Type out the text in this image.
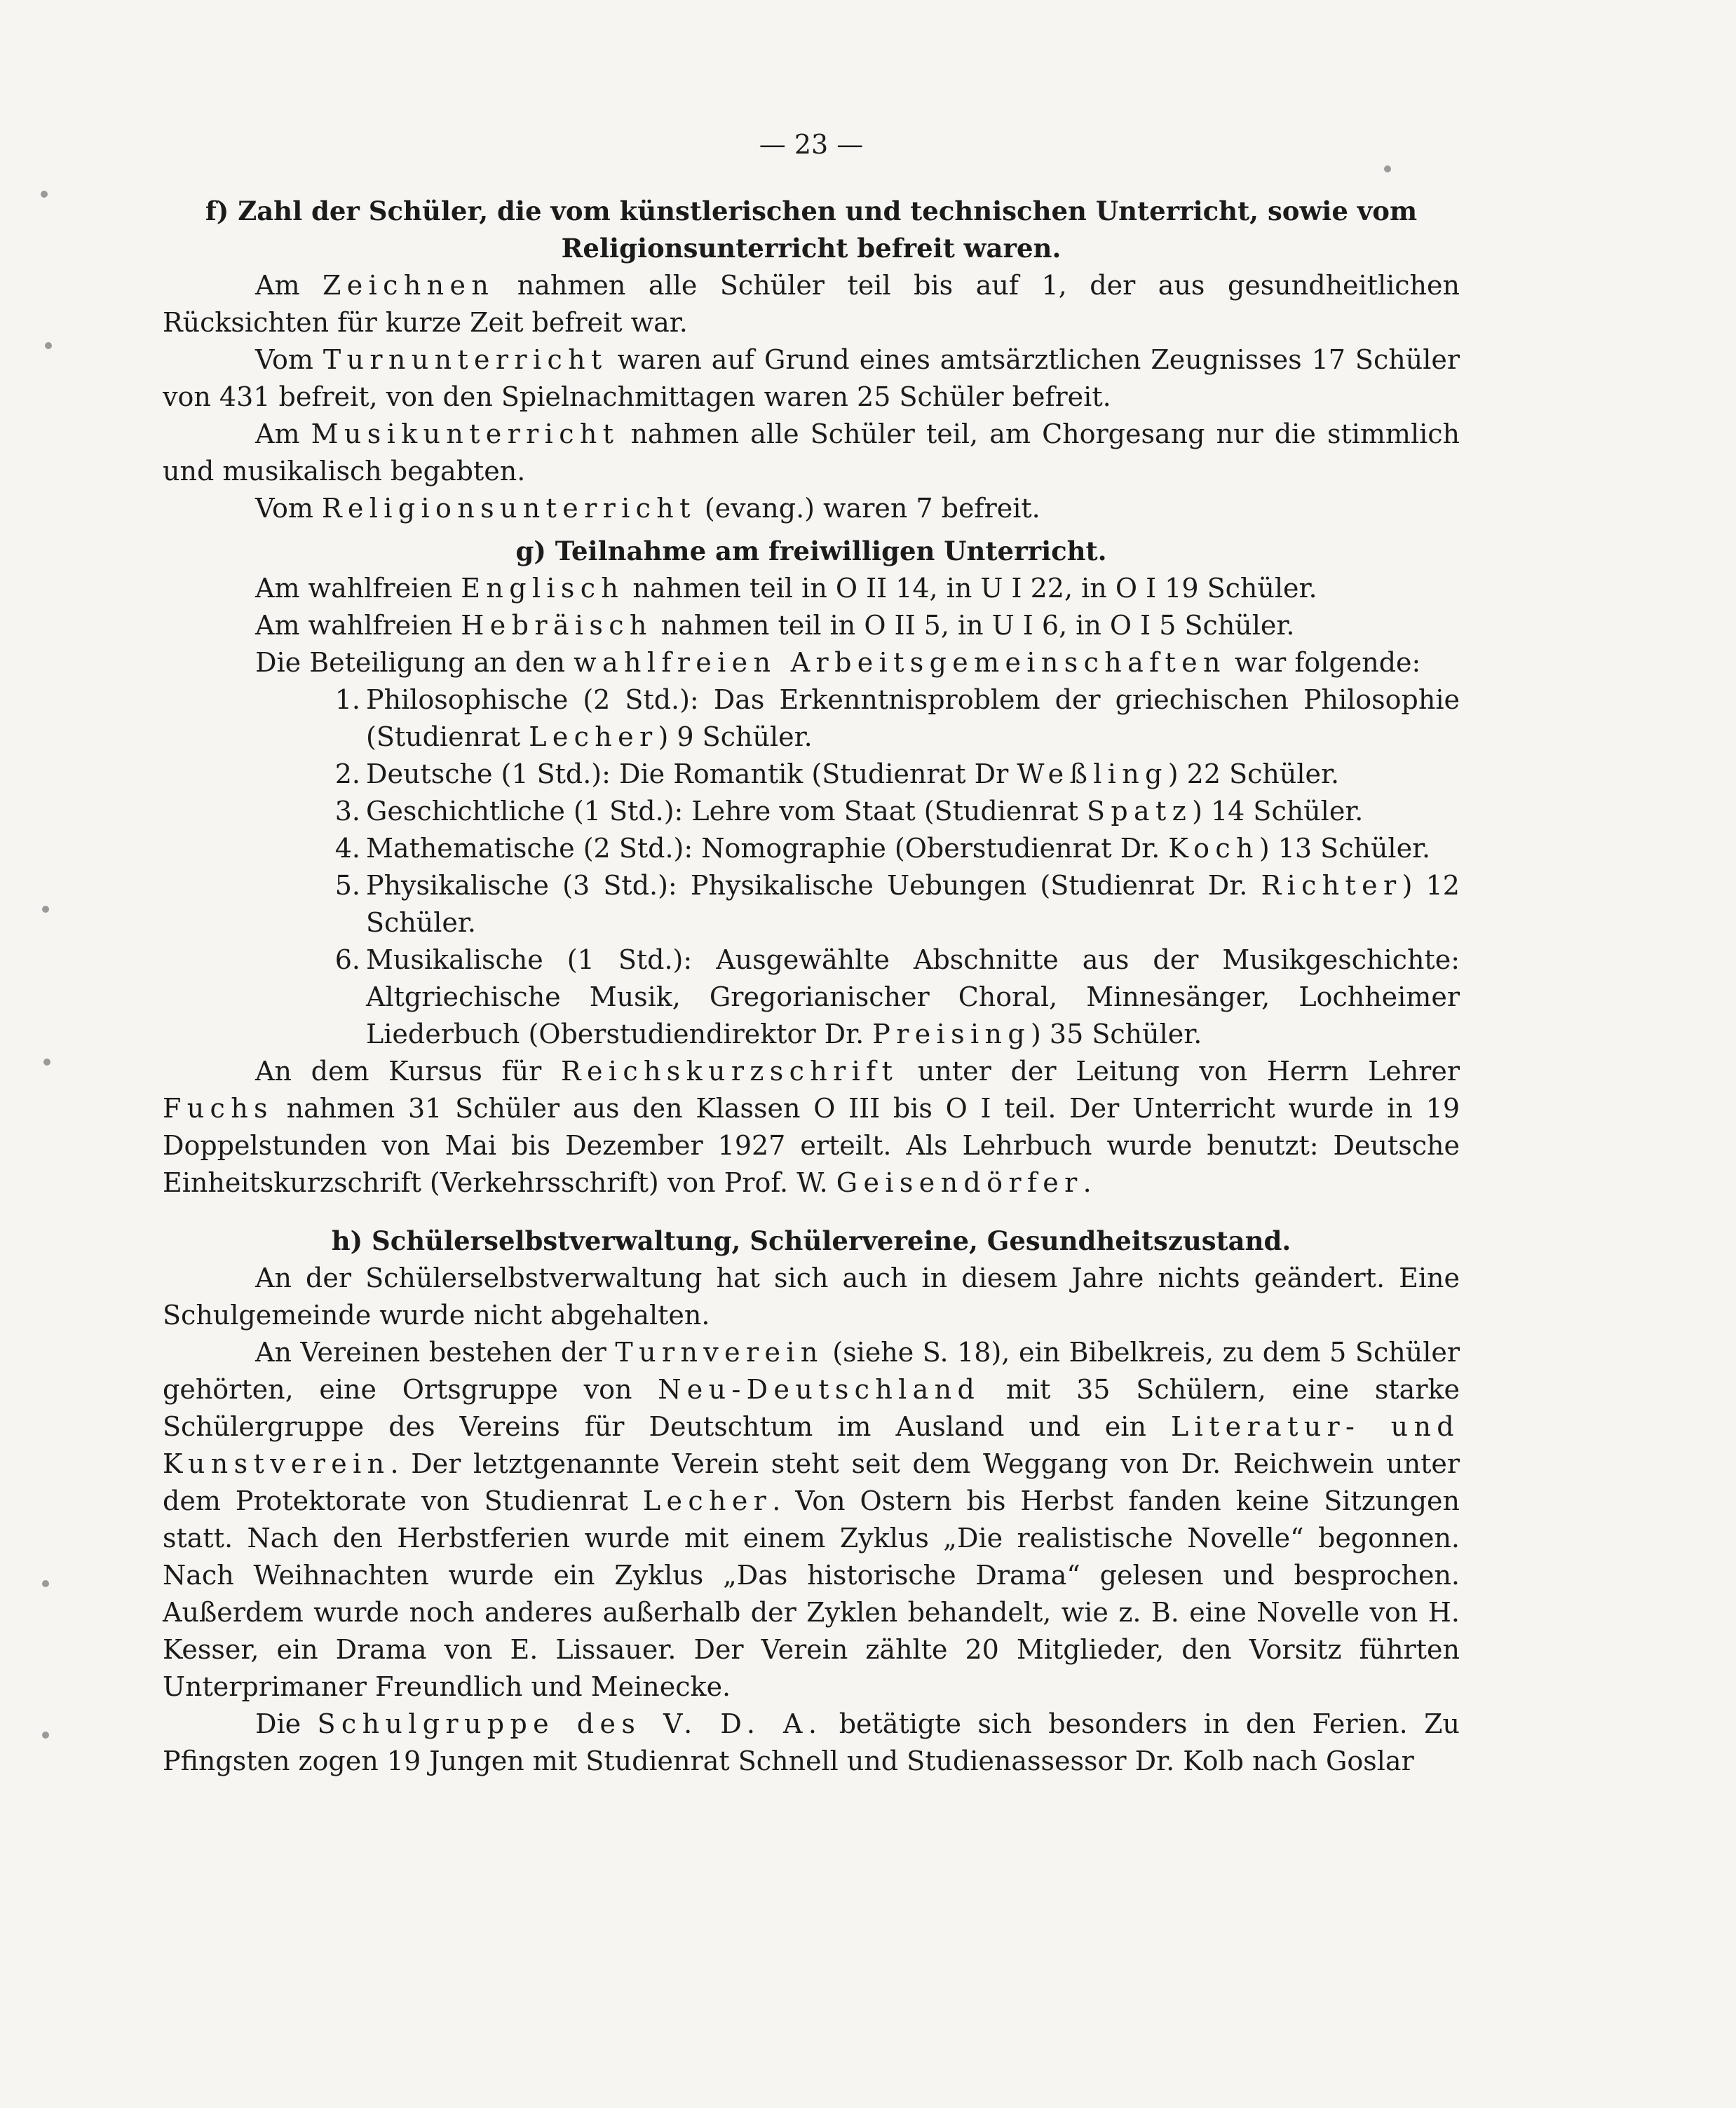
— 23 —
f) Zahl der Schüler, die vom künstlerischen und technischen Unterricht, sowie vom
Religionsunterricht befreit waren.

Am Zeichnen nahmen alle Schüler teil bis auf 1, der aus gesundheitlichen Rücksichten für kurze Zeit befreit war.

Vom Turnunterricht waren auf Grund eines amtsärztlichen Zeugnisses 17 Schüler von 431 befreit, von den Spielnachmittagen waren 25 Schüler befreit.

Am Musikunterricht nahmen alle Schüler teil, am Chorgesang nur die stimmlich und musikalisch begabten.

Vom Religionsunterricht (evang.) waren 7 befreit.

g) Teilnahme am freiwilligen Unterricht.

Am wahlfreien Englisch nahmen teil in O II 14, in U I 22, in O I 19 Schüler.

Am wahlfreien Hebräisch nahmen teil in O II 5, in U I 6, in O I 5 Schüler.

Die Beteiligung an den wahlfreien Arbeitsgemeinschaften war folgende:

1. Philosophische (2 Std.): Das Erkenntnisproblem der griechischen Philosophie (Studienrat Lecher) 9 Schüler.
2. Deutsche (1 Std.): Die Romantik (Studienrat Dr Weßling) 22 Schüler.
3. Geschichtliche (1 Std.): Lehre vom Staat (Studienrat Spatz) 14 Schüler.
4. Mathematische (2 Std.): Nomographie (Oberstudienrat Dr. Koch) 13 Schüler.
5. Physikalische (3 Std.): Physikalische Uebungen (Studienrat Dr. Richter) 12 Schüler.
6. Musikalische (1 Std.): Ausgewählte Abschnitte aus der Musikgeschichte: Altgriechische Musik, Gregorianischer Choral, Minnesänger, Lochheimer Liederbuch (Oberstudiendirektor Dr. Preising) 35 Schüler.

An dem Kursus für Reichskurzschrift unter der Leitung von Herrn Lehrer Fuchs nahmen 31 Schüler aus den Klassen O III bis O I teil. Der Unterricht wurde in 19 Doppelstunden von Mai bis Dezember 1927 erteilt. Als Lehrbuch wurde benutzt: Deutsche Einheitskurzschrift (Verkehrsschrift) von Prof. W. Geisendörfer.

h) Schülerselbstverwaltung, Schülervereine, Gesundheitszustand.

An der Schülerselbstverwaltung hat sich auch in diesem Jahre nichts geändert. Eine Schulgemeinde wurde nicht abgehalten.

An Vereinen bestehen der Turnverein (siehe S. 18), ein Bibelkreis, zu dem 5 Schüler gehörten, eine Ortsgruppe von Neu-Deutschland mit 35 Schülern, eine starke Schülergruppe des Vereins für Deutschtum im Ausland und ein Literatur- und Kunstverein. Der letztgenannte Verein steht seit dem Weggang von Dr. Reichwein unter dem Protektorate von Studienrat Lecher. Von Ostern bis Herbst fanden keine Sitzungen statt. Nach den Herbstferien wurde mit einem Zyklus „Die realistische Novelle“ begonnen. Nach Weihnachten wurde ein Zyklus „Das historische Drama“ gelesen und besprochen. Außerdem wurde noch anderes außerhalb der Zyklen behandelt, wie z. B. eine Novelle von H. Kesser, ein Drama von E. Lissauer. Der Verein zählte 20 Mitglieder, den Vorsitz führten Unterprimaner Freundlich und Meinecke.

Die Schulgruppe des V. D. A. betätigte sich besonders in den Ferien. Zu Pfingsten zogen 19 Jungen mit Studienrat Schnell und Studienassessor Dr. Kolb nach Goslar
